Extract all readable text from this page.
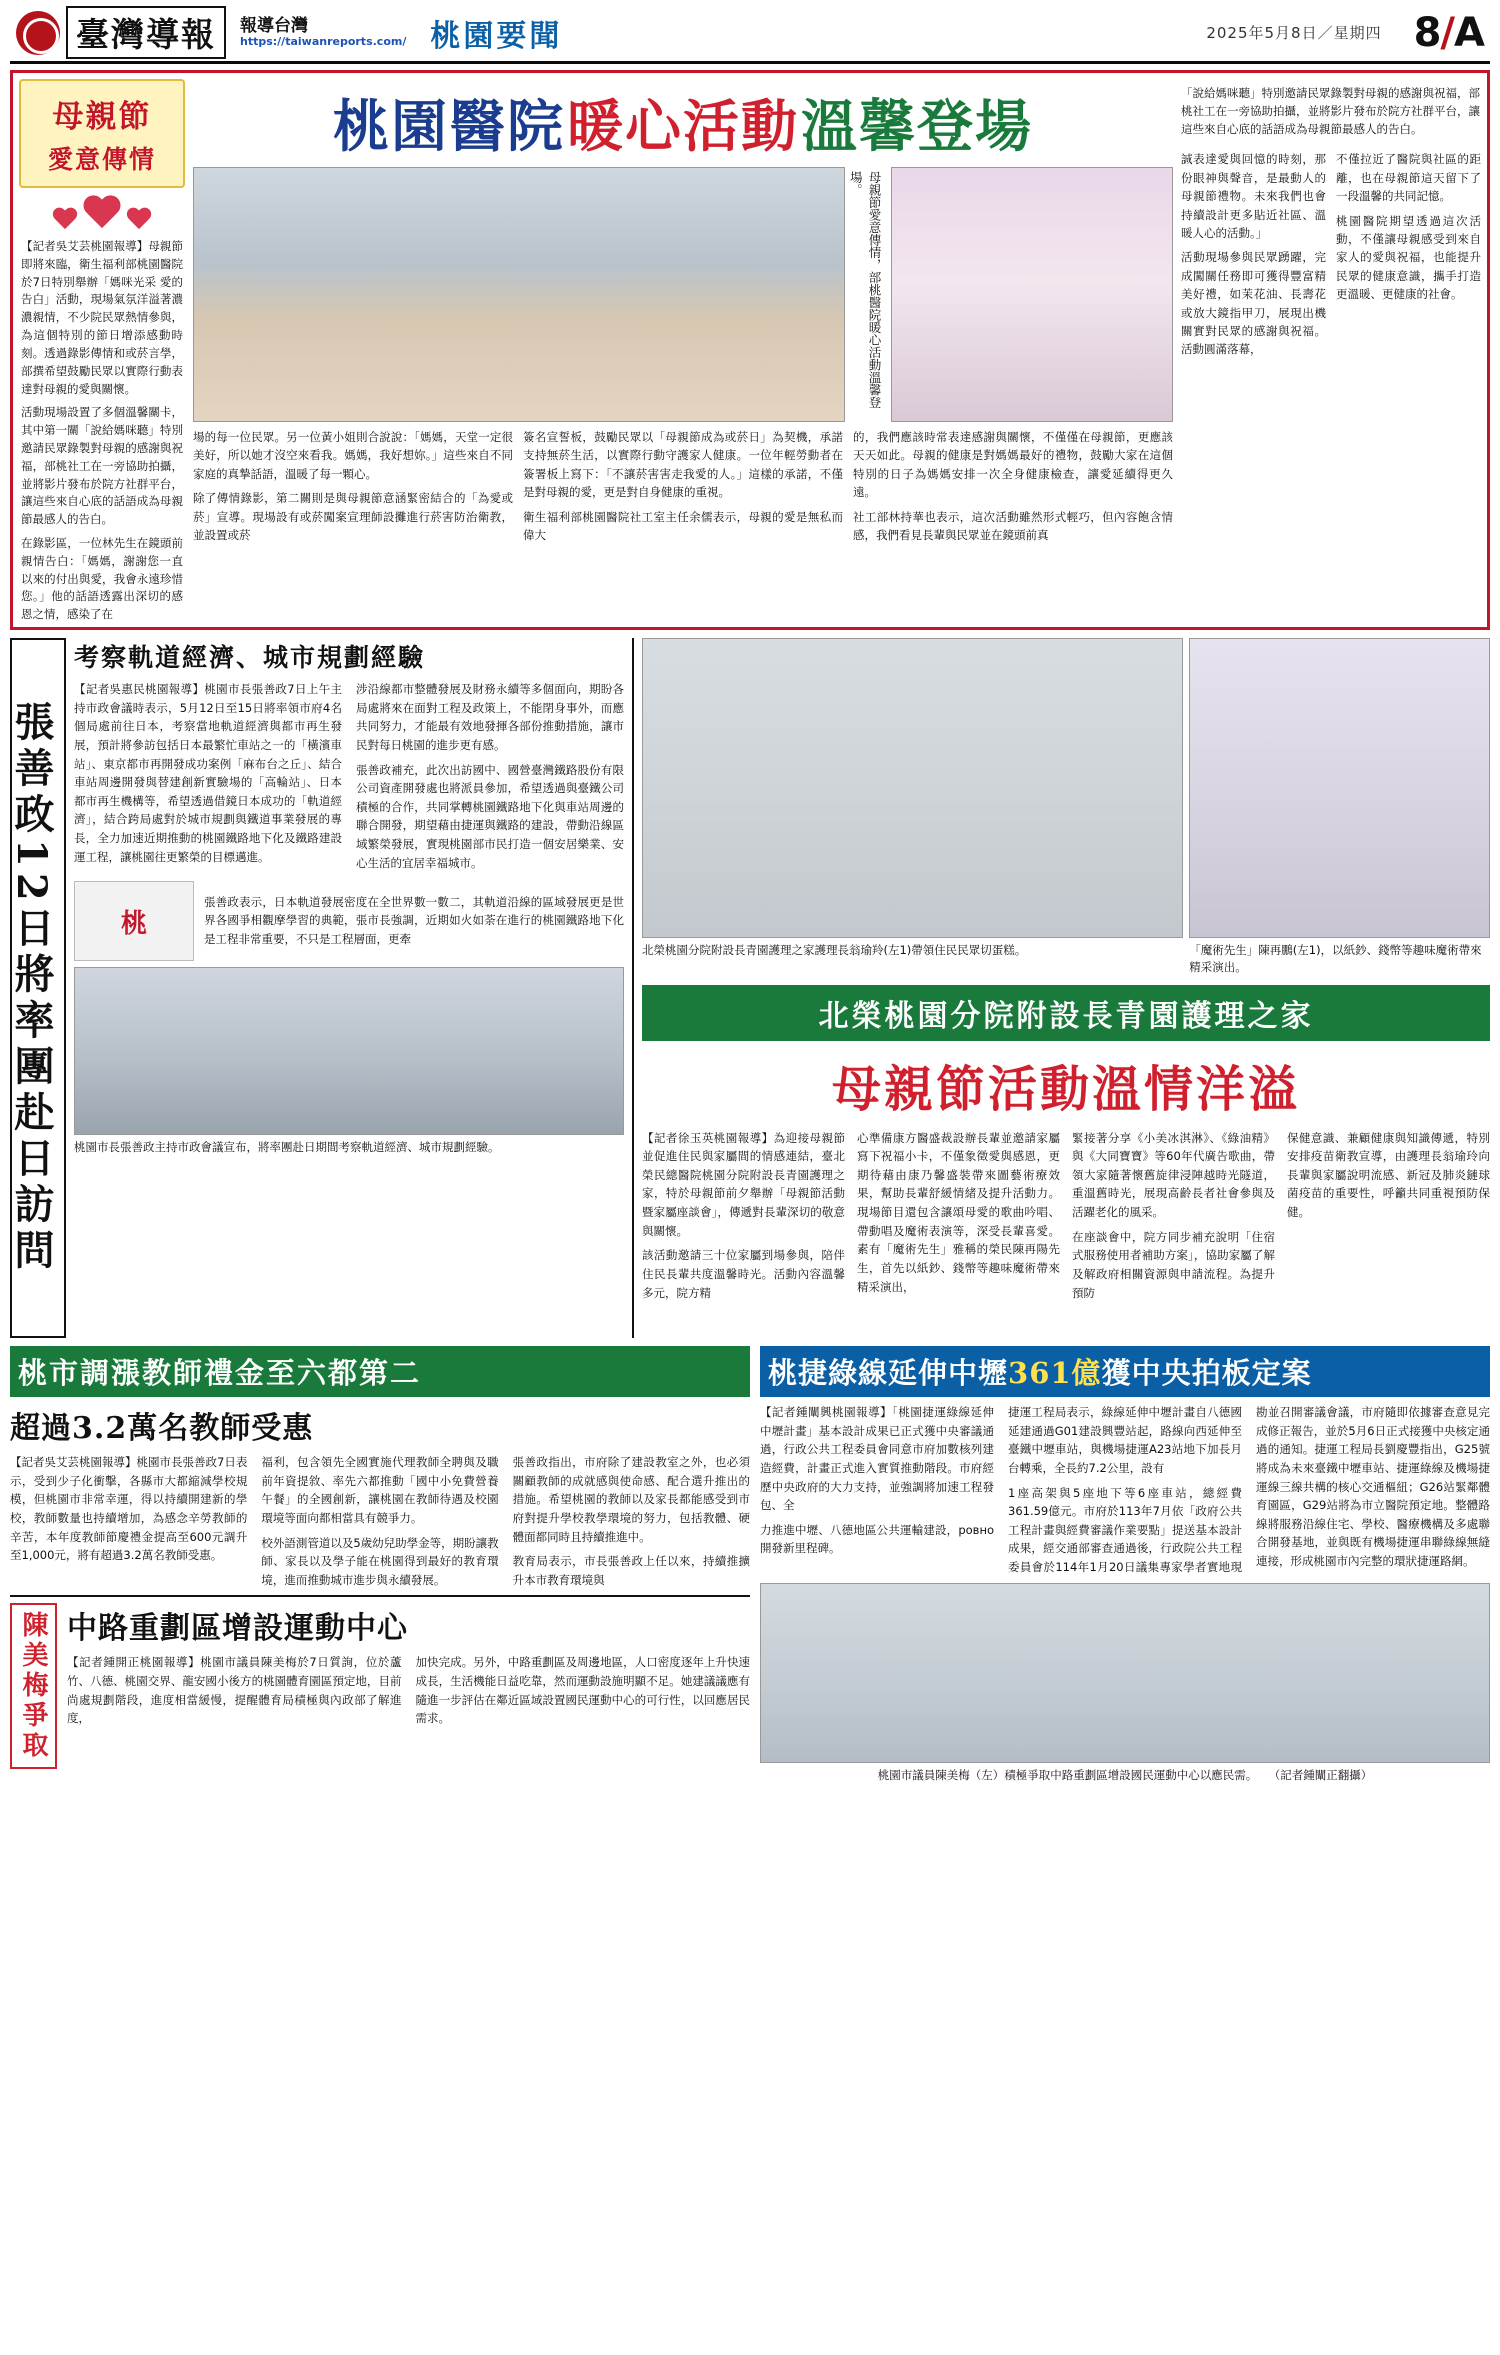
臺灣導報	報導台灣
https://taiwanreports.com/ 桃園要聞	2025年5月8日／星期四 8/A
母親節
愛意傳情

【記者吳艾芸桃園報導】母親節即將來臨，衛生福利部桃園醫院於7日特別舉辦「媽咪光采 愛的告白」活動，現場氣氛洋溢著濃濃親情，不少院民眾熱情參與，為這個特別的節日增添感動時刻。透過錄影傳情和或菸言學，部撰希望鼓勵民眾以實際行動表達對母親的愛與關懷。

活動現場設置了多個溫馨關卡，其中第一關「說給媽咪聽」特別邀請民眾錄製對母親的感謝與祝福，部桃社工在一旁協助拍攝，並將影片發布於院方社群平台，讓這些來自心底的話語成為母親節最感人的告白。

在錄影區，一位林先生在鏡頭前親情告白：「媽媽，謝謝您一直以來的付出與愛，我會永遠珍惜您。」他的話語透露出深切的感恩之情，感染了在

桃園醫院 暖心活動 溫馨登場
母親節愛意傳情，部桃醫院暖心活動溫馨登場。

場的每一位民眾。另一位黃小姐則合說說：「媽媽，天堂一定很美好，所以她才沒空來看我。媽媽，我好想妳。」這些來自不同家庭的真摯話語，溫暖了每一顆心。

除了傳情錄影，第二關則是與母親節意涵緊密結合的「為愛或菸」宣導。現場設有或菸闖案宣理師設攤進行菸害防治衛教，並設置或菸

簽名宣誓板，鼓勵民眾以「母親節成為或菸日」為契機，承諾支持無菸生活，以實際行動守護家人健康。一位年輕勞動者在簽署板上寫下：「不讓菸害害走我愛的人。」這樣的承諾，不僅是對母親的愛，更是對自身健康的重視。

衛生福利部桃園醫院社工室主任余儒表示，母親的愛是無私而偉大

的，我們應該時常表達感謝與關懷，不僅僅在母親節，更應該天天如此。母親的健康是對媽媽最好的禮物，鼓勵大家在這個特別的日子為媽媽安排一次全身健康檢查，讓愛延續得更久遠。

社工部林持華也表示，這次活動雖然形式輕巧，但內容飽含情感，我們看見長輩與民眾並在鏡頭前真

「說給媽咪聽」特別邀請民眾錄製對母親的感謝與祝福，部桃社工在一旁協助拍攝，並將影片發布於院方社群平台，讓這些來自心底的話語成為母親節最感人的告白。

誠表達愛與回憶的時刻，那份眼神與聲音，是最動人的母親節禮物。未來我們也會持續設計更多貼近社區、溫暖人心的活動。」

活動現場參與民眾踴躍，完成闖關任務即可獲得豐富精美好禮，如茉花油、長壽花或放大鏡指甲刀，展現出機關實對民眾的感謝與祝福。活動圓滿落幕，

不僅拉近了醫院與社區的距離，也在母親節這天留下了一段溫馨的共同記憶。

桃園醫院期望透過這次活動，不僅讓母親感受到來自家人的愛與祝福，也能提升民眾的健康意識，攜手打造更溫暖、更健康的社會。

張善政12日將率團赴日訪問
考察軌道經濟、城市規劃經驗

【記者吳惠民桃園報導】桃園市長張善政7日上午主持市政會議時表示，5月12日至15日將率領市府4名個局處前往日本，考察當地軌道經濟與都市再生發展，預計將參訪包括日本最繁忙車站之一的「橫濱車站」、東京都市再開發成功案例「麻布台之丘」、結合車站周邊開發與替建創新實驗場的「高輪站」、日本都市再生機構等，希望透過借鏡日本成功的「軌道經濟」，結合跨局處對於城市規劃與鐵道事業發展的專長，全力加速近期推動的桃園鐵路地下化及鐵路建設運工程，讓桃園往更繁榮的目標邁進。

涉沿線都市整體發展及財務永續等多個面向，期盼各局處將來在面對工程及政策上，不能閉身事外，而應共同努力，才能最有效地發揮各部份推動措施，讓市民對每日桃園的進步更有感。

張善政補充，此次出訪國中、國營臺灣鐵路股份有限公司資產開發處也將派員參加，希望透過與臺鐵公司積極的合作，共同掌轉桃園鐵路地下化與車站周邊的聯合開發，期望藉由捷運與鐵路的建設，帶動沿線區域繁榮發展，實現桃園部市民打造一個安居樂業、安心生活的宜居幸福城市。

桃

張善政表示，日本軌道發展密度在全世界數一數二，其軌道沿線的區域發展更是世界各國爭相觀摩學習的典範，張市長強調，近期如火如荼在進行的桃園鐵路地下化是工程非常重要，不只是工程層面，更牽

桃園市長張善政主持市政會議宣布，將率團赴日期間考察軌道經濟、城市規劃經驗。
北榮桃園分院附設長青園護理之家護理長翁瑜羚(左1)帶領住民民眾切蛋糕。	「魔術先生」陳再鵬(左1)，以紙鈔、錢幣等趣味魔術帶來精采演出。
北榮桃園分院附設長青園護理之家
母親節活動溫情洋溢

【記者徐玉英桃園報導】為迎接母親節並促進住民與家屬間的情感連結，臺北榮民總醫院桃園分院附設長青園護理之家，特於母親節前夕舉辦「母親節活動暨家屬座談會」，傳遞對長輩深切的敬意與關懷。

該活動邀請三十位家屬到場參與，陪伴住民長輩共度溫馨時光。活動內容溫馨多元，院方精

心準備康方醫盛裁設辦長輩並邀請家屬寫下祝福小卡，不僅象徵愛與感恩，更期待藉由康乃馨盛裝帶來圖藝術療效果，幫助長輩舒緩情緒及提升活動力。現場節目還包含讓頌母愛的歌曲吟唱、帶動唱及魔術表演等，深受長輩喜愛。素有「魔術先生」雅稱的榮民陳再陽先生，首先以紙鈔、錢幣等趣味魔術帶來精采演出，

緊接著分享《小美冰淇淋》、《綠油精》與《大同寶寶》等60年代廣告歌曲，帶領大家隨著懷舊旋律浸陣越時光隧道，重溫舊時光，展現高齡長者社會參與及活躍老化的風采。

在座談會中，院方同步補充說明「住宿式服務使用者補助方案」，協助家屬了解及解政府相關資源與申請流程。為提升預防

保健意識、兼顧健康與知識傳遞，特別安排疫苗衛教宣導，由護理長翁瑜玲向長輩與家屬說明流感、新冠及肺炎鏈球菌疫苗的重要性，呼籲共同重視預防保健。

桃市調漲教師禮金至六都第二
超過3.2萬名教師受惠

【記者吳艾芸桃園報導】桃園市長張善政7日表示，受到少子化衝擊，各縣市大都縮減學校規模，但桃園市非常幸運，得以持續開建新的學校，教師數量也持續增加，為感念辛勞教師的辛苦，本年度教師節慶禮金提高至600元調升至1,000元，將有超過3.2萬名教師受惠。

福利，包含領先全國實施代理教師全聘與及職前年資提敘、率先六都推動「國中小免費營養午餐」的全國創新，讓桃園在教師待遇及校園環境等面向都相當具有競爭力。

校外語測管道以及5歲幼兒助學金等，期盼讓教師、家長以及學子能在桃園得到最好的教育環境，進而推動城市進步與永續發展。

張善政指出，市府除了建設教室之外，也必須關顧教師的成就感與使命感、配合選升推出的措施。希望桃園的教師以及家長都能感受到市府對提升學校教學環境的努力，包括教體、硬體面都同時且持續推進中。

教育局表示，市長張善政上任以來，持續推擴升本市教育環境與

陳美梅爭取 中路重劃區增設運動中心

【記者鍾開正桃園報導】桃園市議員陳美梅於7日質詢，位於蘆竹、八德、桃園交界、龍安國小後方的桃園體育園區預定地，目前尚處規劃階段，進度相當緩慢，提醒體育局積極與內政部了解進度，

加快完成。另外，中路重劃區及周邊地區，人口密度逐年上升快速成長，生活機能日益吃靠，然而運動設施明顯不足。她建議議應有隨進一步評估在鄰近區域設置國民運動中心的可行性，以回應居民需求。

桃捷綠線延伸中壢361億獲中央拍板定案

【記者鍾闡興桃園報導】「桃園捷運綠線延伸中壢計畫」基本設計成果已正式獲中央審議通過，行政公共工程委員會同意市府加數核列建造經費，計畫正式進入實質推動階段。市府經歷中央政府的大力支持，並強調將加速工程發包、全

力推進中壢、八德地區公共運輸建設，ровно開發新里程碑。

捷運工程局表示，綠線延伸中壢計畫自八德國延建通過G01建設興豐站起，路線向西延伸至臺鐵中壢車站，與機場捷運A23站地下加長月台轉乘，全長約7.2公里，設有

1座高架與5座地下等6座車站，總經費361.59億元。市府於113年7月依「政府公共工程計畫與經費審議作業要點」提送基本設計成果，經交通部審查通過後，行政院公共工程委員會於114年1月20日議集專家學者實地現勘並召開審議會議，市府隨即依據審查意見完成修正報告，並於5月6日正式接獲中央核定通過的通知。捷運工程局長劉慶豐指出，G25號將成為未來臺鐵中壢車站、捷運綠線及機場捷運線三線共構的核心交通樞紐；G26站緊鄰體育園區，G29站將為市立醫院預定地。整體路線將服務沿線住宅、學校、醫療機構及多處聯合開發基地，並與既有機場捷運串聯綠線無縫連接，形成桃園市內完整的環狀捷運路網。

桃園市議員陳美梅（左）積極爭取中路重劃區增設國民運動中心以應民需。　　（記者鍾闡正翻攝）
